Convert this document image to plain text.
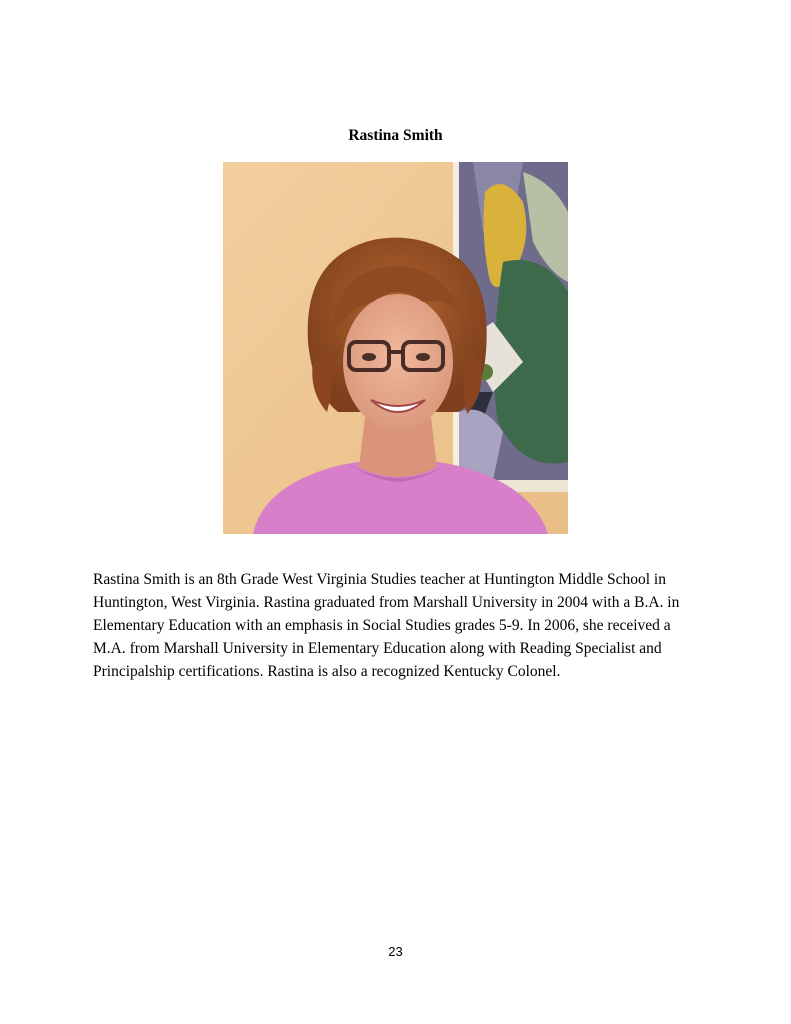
Rastina Smith

Rastina Smith is an 8th Grade West Virginia Studies teacher at Huntington Middle School in Huntington, West Virginia. Rastina graduated from Marshall University in 2004 with a B.A. in Elementary Education with an emphasis in Social Studies grades 5-9. In 2006, she received a M.A. from Marshall University in Elementary Education along with Reading Specialist and Principalship certifications. Rastina is also a recognized Kentucky Colonel.

23
